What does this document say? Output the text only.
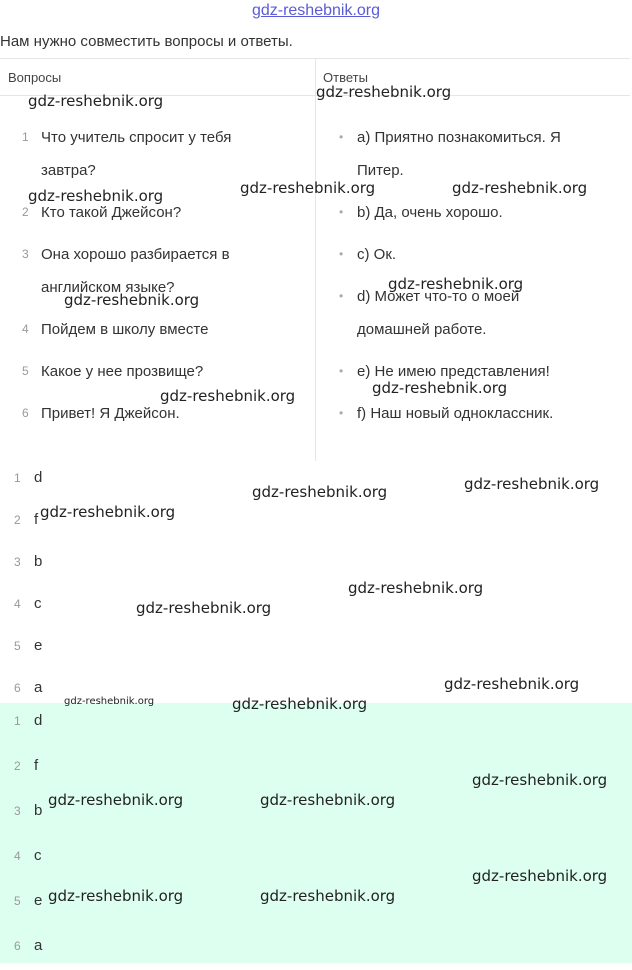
gdz-reshebnik.org
Нам нужно совместить вопросы и ответы.
Вопросы	Ответы
1 Что учитель спросит у тебя
завтра?
2 Кто такой Джейсон?
3 Она хорошо разбирается в
английском языке?
4 Пойдем в школу вместе
5 Какое у нее прозвище?
6 Привет! Я Джейсон.
• a) Приятно познакомиться. Я
Питер.
• b) Да, очень хорошо.
• c) Ок.
• d) Может что-то о моей
домашней работе.
• e) Не имею представления!
• f) Наш новый одноклассник.
1 d
2 f
3 b
4 c
5 e
6 a
1 d
2 f
3 b
4 c
5 e
6 a
gdz-reshebnik.org	gdz-reshebnik.org
gdz-reshebnik.org	gdz-reshebnik.org	gdz-reshebnik.org
gdz-reshebnik.org
gdz-reshebnik.org
gdz-reshebnik.org
gdz-reshebnik.org
gdz-reshebnik.org
gdz-reshebnik.org
gdz-reshebnik.org
gdz-reshebnik.org
gdz-reshebnik.org
gdz-reshebnik.org
gdz-reshebnik.org	gdz-reshebnik.org
gdz-reshebnik.org
gdz-reshebnik.org	gdz-reshebnik.org
gdz-reshebnik.org
gdz-reshebnik.org	gdz-reshebnik.org
